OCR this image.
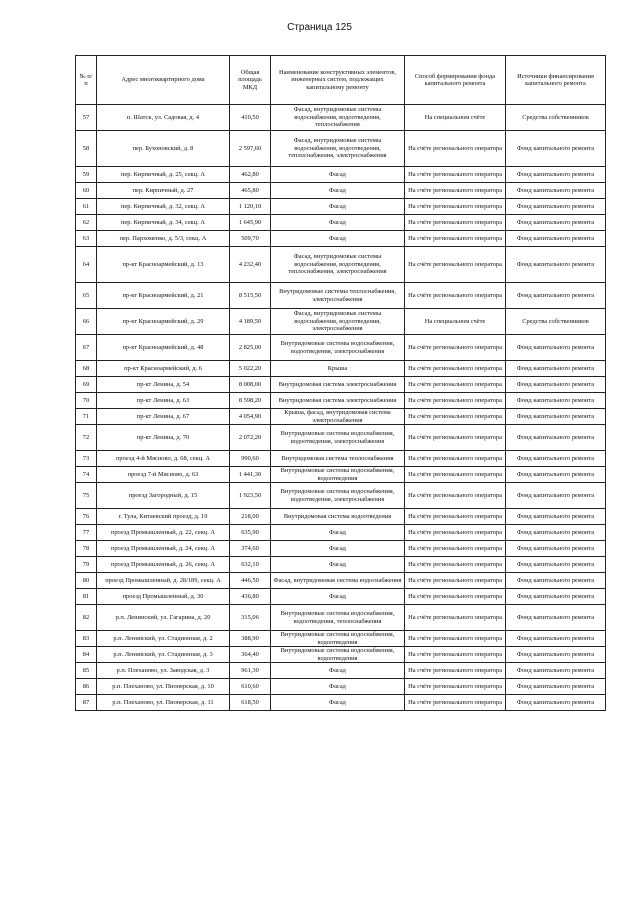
Страница 125
№ п/п	Адрес многоквартирного дома	Общая площадь МКД	Наименование конструктивных элементов, инженерных систем, подлежащих капитальному ремонту	Способ формирования фонда капитального ремонта	Источники финансирования капитального ремонта
57	п. Шатск, ул. Садовая, д. 4	410,50	Фасад, внутридомовые системы водоснабжения, водоотведения, теплоснабжения	На специальном счёте	Средства собственников

58	пер. Бухоновский, д. 8	2 597,60	Фасад, внутридомовые системы водоснабжения, водоотведения, теплоснабжения, электроснабжения	На счёте регионального оператора	Фонд капитального ремонта

59	пер. Кирпичный, д. 25, секц. А	462,80	Фасад	На счёте регионального оператора	Фонд капитального ремонта

60	пер. Кирпичный, д. 27	465,80	Фасад	На счёте регионального оператора	Фонд капитального ремонта

61	пер. Кирпичный, д. 32, секц. А	1 120,10	Фасад	На счёте регионального оператора	Фонд капитального ремонта

62	пер. Кирпичный, д. 34, секц. А	1 645,90	Фасад	На счёте регионального оператора	Фонд капитального ремонта

63	пер. Пархоменко, д. 5/3, секц. А	509,70	Фасад	На счёте регионального оператора	Фонд капитального ремонта

64	пр-кт Красноармейский, д. 13	4 232,40	Фасад, внутридомовые системы водоснабжения, водоотведения, теплоснабжения, электроснабжения	На счёте регионального оператора	Фонд капитального ремонта

65	пр-кт Красноармейский, д. 21	8 515,50	Внутридомовые системы теплоснабжения, электроснабжения	На счёте регионального оператора	Фонд капитального ремонта

66	пр-кт Красноармейский, д. 29	4 189,50	Фасад, внутридомовые системы водоснабжения, водоотведения, электроснабжения	На специальном счёте	Средства собственников

67	пр-кт Красноармейский, д. 48	2 825,00	Внутридомовые системы водоснабжения, водоотведения, электроснабжения	На счёте регионального оператора	Фонд капитального ремонта

68	пр-кт Красноармейский, д. 6	5 022,20	Крыша	На счёте регионального оператора	Фонд капитального ремонта

69	пр-кт Ленина, д. 54	8 008,00	Внутридомовая система электроснабжения	На счёте регионального оператора	Фонд капитального ремонта

70	пр-кт Ленина, д. 63	8 598,20	Внутридомовая система электроснабжения	На счёте регионального оператора	Фонд капитального ремонта

71	пр-кт Ленина, д. 67	4 054,90	Крыша, фасад, внутридомовая система электроснабжения	На счёте регионального оператора	Фонд капитального ремонта

72	пр-кт Ленина, д. 70	2 072,20	Внутридомовые системы водоснабжения, водоотведения, электроснабжения	На счёте регионального оператора	Фонд капитального ремонта

73	проезд 4-й Мясново, д. 68, секц. А	990,60	Внутридомовая система теплоснабжения	На счёте регионального оператора	Фонд капитального ремонта

74	проезд 7-й Мясново, д. 63	1 441,30	Внутридомовые системы водоснабжения, водоотведения	На счёте регионального оператора	Фонд капитального ремонта

75	проезд Загородный, д. 15	1 923,50	Внутридомовые системы водоснабжения, водоотведения, электроснабжения	На счёте регионального оператора	Фонд капитального ремонта

76	г. Тула, Китаевский проезд, д. 19	218,00	Внутридомовая система водоотведения	На счёте регионального оператора	Фонд капитального ремонта

77	проезд Промышленный, д. 22, секц. А	635,90	Фасад	На счёте регионального оператора	Фонд капитального ремонта

78	проезд Промышленный, д. 24, секц. А	374,60	Фасад	На счёте регионального оператора	Фонд капитального ремонта

79	проезд Промышленный, д. 26, секц. А	632,10	Фасад	На счёте регионального оператора	Фонд капитального ремонта

80	проезд Промышленный, д. 28/189, секц. А	446,50	Фасад, внутридомовая система водоснабжения	На счёте регионального оператора	Фонд капитального ремонта

81	проезд Промышленный, д. 30	436,80	Фасад	На счёте регионального оператора	Фонд капитального ремонта

82	р.п. Ленинский, ул. Гагарина, д. 20	315,06	Внутридомовые системы водоснабжения, водоотведения, теплоснабжения	На счёте регионального оператора	Фонд капитального ремонта

83	р.п. Ленинский, ул. Стадионная, д. 2	388,90	Внутридомовые системы водоснабжения, водоотведения	На счёте регионального оператора	Фонд капитального ремонта

84	р.п. Ленинский, ул. Стадионная, д. 3	364,40	Внутридомовые системы водоснабжения, водоотведения	На счёте регионального оператора	Фонд капитального ремонта

85	р.п. Плеханово, ул. Заводская, д. 3	961,30	Фасад	На счёте регионального оператора	Фонд капитального ремонта

86	р.п. Плеханово, ул. Пионерская, д. 10	610,60	Фасад	На счёте регионального оператора	Фонд капитального ремонта

87	р.п. Плеханово, ул. Пионерская, д. 11	618,50	Фасад	На счёте регионального оператора	Фонд капитального ремонта
